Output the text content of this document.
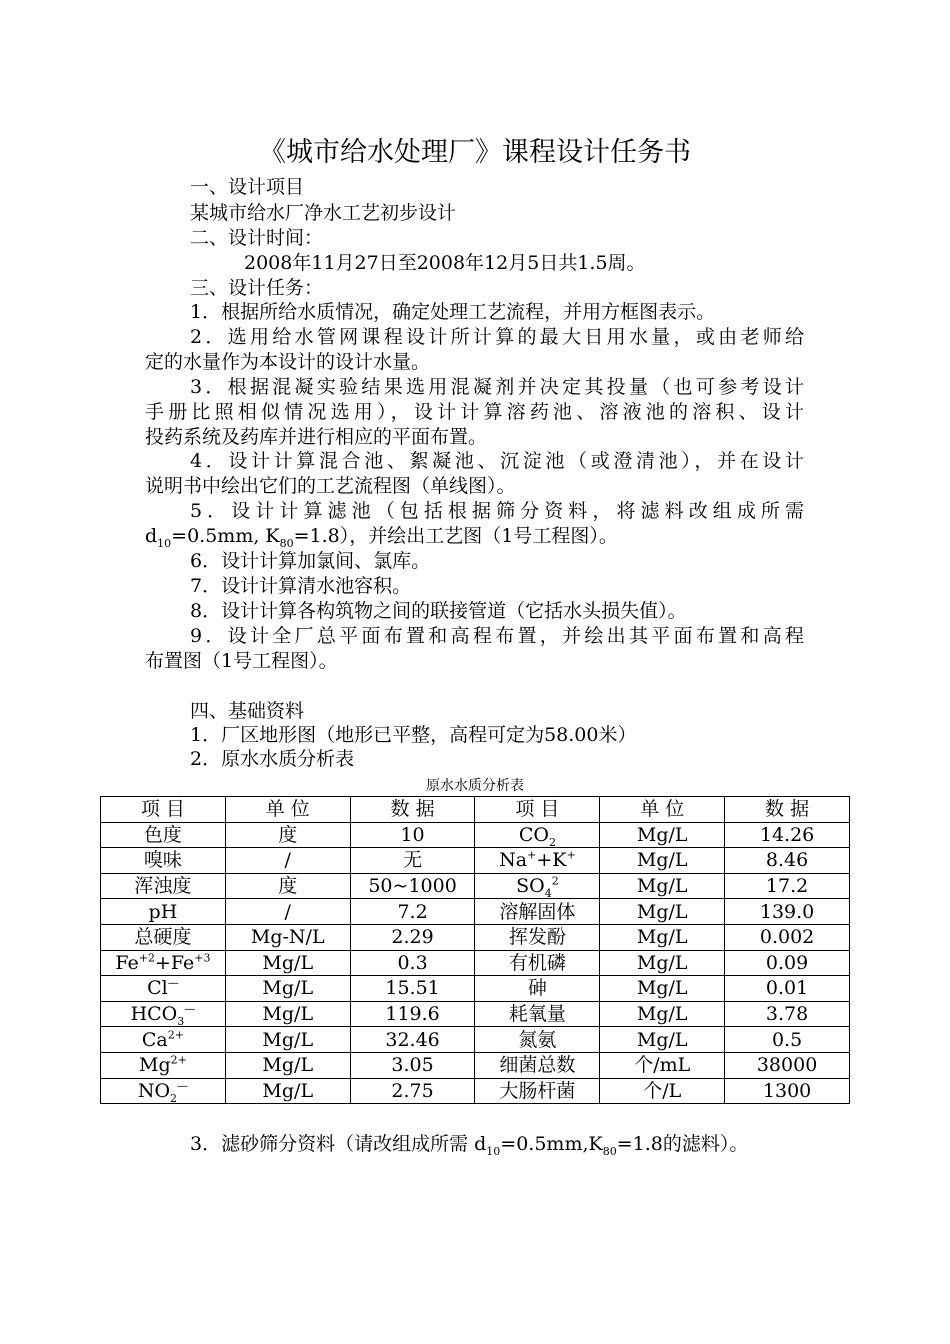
《城市给水处理厂》课程设计任务书
一、设计项目
某城市给水厂净水工艺初步设计
二、设计时间：
2008年11月27日至2008年12月5日共1.5周。
三、设计任务：
1．根据所给水质情况，确定处理工艺流程，并用方框图表示。
2．选用给水管网课程设计所计算的最大日用水量，或由老师给
定的水量作为本设计的设计水量。
3．根据混凝实验结果选用混凝剂并决定其投量（也可参考设计
手册比照相似情况选用），设计计算溶药池、溶液池的溶积、设计
投药系统及药库并进行相应的平面布置。
4．设计计算混合池、絮凝池、沉淀池（或澄清池），并在设计
说明书中绘出它们的工艺流程图（单线图）。
5．设计计算滤池（包括根据筛分资料，将滤料改组成所需
$d_{10}=0.5mm$, $K_{80}=1.8$），并绘出工艺图（1号工程图）。
6．设计计算加氯间、氯库。
7．设计计算清水池容积。
8．设计计算各构筑物之间的联接管道（它括水头损失值）。
9．设计全厂总平面布置和高程布置，并绘出其平面布置和高程
布置图（1号工程图）。
四、基础资料
1．厂区地形图（地形已平整，高程可定为58.00米）
2．原水水质分析表
原水水质分析表
项 目	单 位	数 据	项 目	单 位	数 据
色度	度	10	$CO_2$	Mg/L	14.26
嗅味	/	无	Na++K+	Mg/L	8.46
浑浊度	度	50~1000	$SO_4^2$	Mg/L	17.2
pH	/	7.2	溶解固体	Mg/L	139.0
总硬度	Mg-N/L	2.29	挥发酚	Mg/L	0.002
$Fe^{+2}+Fe^{+3}$	Mg/L	0.3	有机磷	Mg/L	0.09
Cl—	Mg/L	15.51	砷	Mg/L	0.01
$HCO_3^—$	Mg/L	119.6	耗氧量	Mg/L	3.78
$Ca^{2+}$	Mg/L	32.46	氮氨	Mg/L	0.5
$Mg^{2+}$	Mg/L	3.05	细菌总数	个/mL	38000
$NO_2^—$	Mg/L	2.75	大肠杆菌	个/L	1300
3．滤砂筛分资料（请改组成所需 $d_{10}=0.5mm,K_{80}=1.8$的滤料）。
